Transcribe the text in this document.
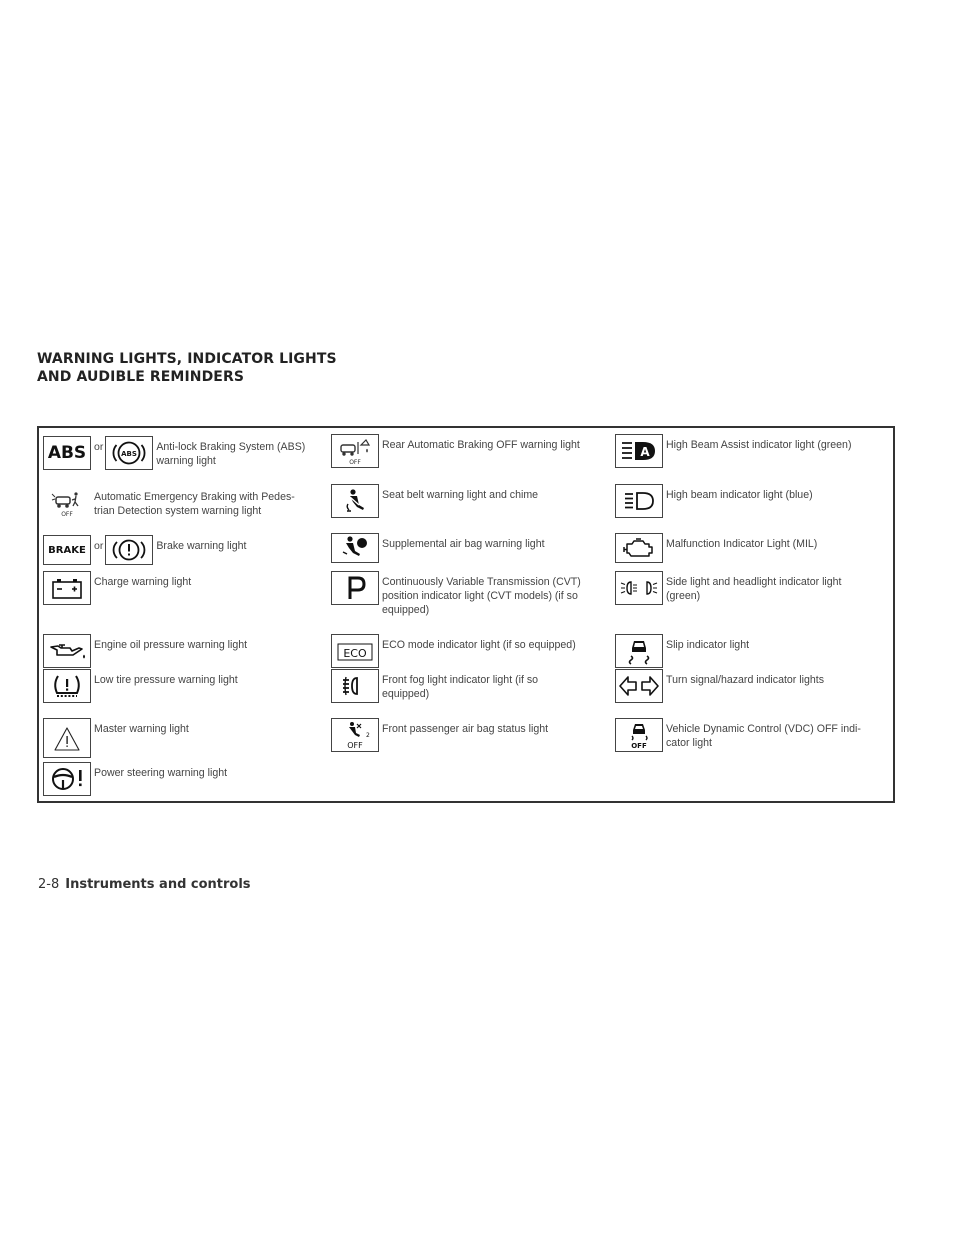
WARNING LIGHTS, INDICATOR LIGHTS
AND AUDIBLE REMINDERS
ABS or
ABS
Anti-lock Braking System (ABS)
warning light
OFF
Automatic Emergency Braking with Pedes-
trian Detection system warning light
BRAKE or	Brake warning light
Charge warning light
Engine oil pressure warning light
Low tire pressure warning light
Master warning light
Power steering warning light
OFF
Rear Automatic Braking OFF warning light
Seat belt warning light and chime
Supplemental air bag warning light
Continuously Variable Transmission (CVT)
position indicator light (CVT models) (if so
equipped)
ECO
ECO mode indicator light (if so equipped)
Front fog light indicator light (if so
equipped)
2
OFF
Front passenger air bag status light
A High Beam Assist indicator light (green)
High beam indicator light (blue)
Malfunction Indicator Light (MIL)
Side light and headlight indicator light
(green)
Slip indicator light
Turn signal/hazard indicator lights
OFF
Vehicle Dynamic Control (VDC) OFF indi-
cator light
2-8 Instruments and controls
